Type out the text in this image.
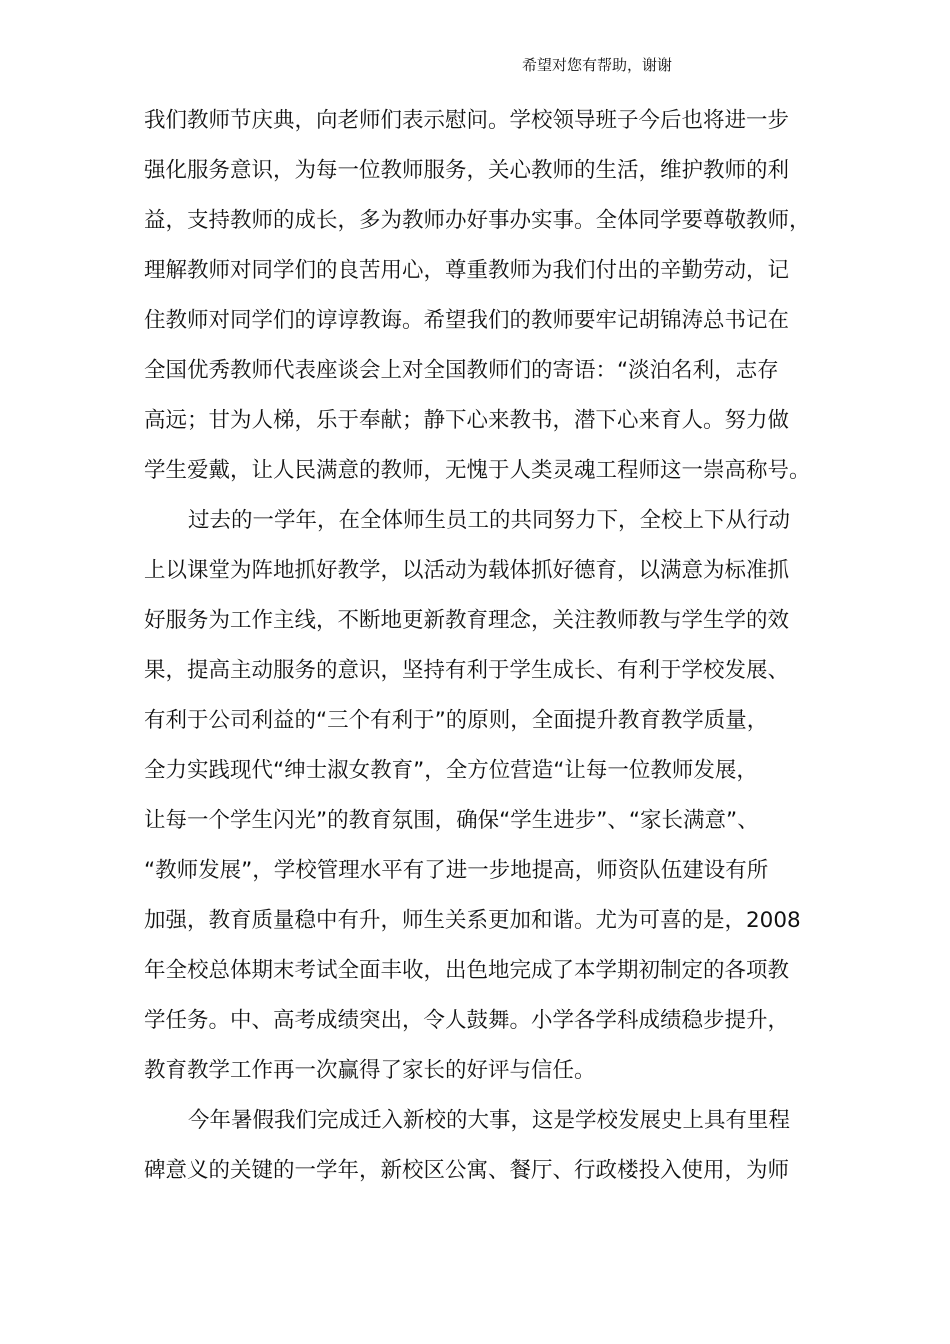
希望对您有帮助，谢谢
我们教师节庆典，向老师们表示慰问。学校领导班子今后也将进一步
强化服务意识，为每一位教师服务，关心教师的生活，维护教师的利
益，支持教师的成长，多为教师办好事办实事。全体同学要尊敬教师，
理解教师对同学们的良苦用心，尊重教师为我们付出的辛勤劳动，记
住教师对同学们的谆谆教诲。希望我们的教师要牢记胡锦涛总书记在
全国优秀教师代表座谈会上对全国教师们的寄语：“淡泊名利，志存
高远；甘为人梯，乐于奉献；静下心来教书，潜下心来育人。努力做
学生爱戴，让人民满意的教师，无愧于人类灵魂工程师这一崇高称号。
过去的一学年，在全体师生员工的共同努力下，全校上下从行动
上以课堂为阵地抓好教学，以活动为载体抓好德育，以满意为标准抓
好服务为工作主线，不断地更新教育理念，关注教师教与学生学的效
果，提高主动服务的意识，坚持有利于学生成长、有利于学校发展、
有利于公司利益的“三个有利于”的原则，全面提升教育教学质量，
全力实践现代“绅士淑女教育”，全方位营造“让每一位教师发展，
让每一个学生闪光”的教育氛围，确保“学生进步”、“家长满意”、
“教师发展”，学校管理水平有了进一步地提高，师资队伍建设有所
加强，教育质量稳中有升，师生关系更加和谐。尤为可喜的是，2008
年全校总体期末考试全面丰收，出色地完成了本学期初制定的各项教
学任务。中、高考成绩突出，令人鼓舞。小学各学科成绩稳步提升，
教育教学工作再一次赢得了家长的好评与信任。
今年暑假我们完成迁入新校的大事，这是学校发展史上具有里程
碑意义的关键的一学年，新校区公寓、餐厅、行政楼投入使用，为师
